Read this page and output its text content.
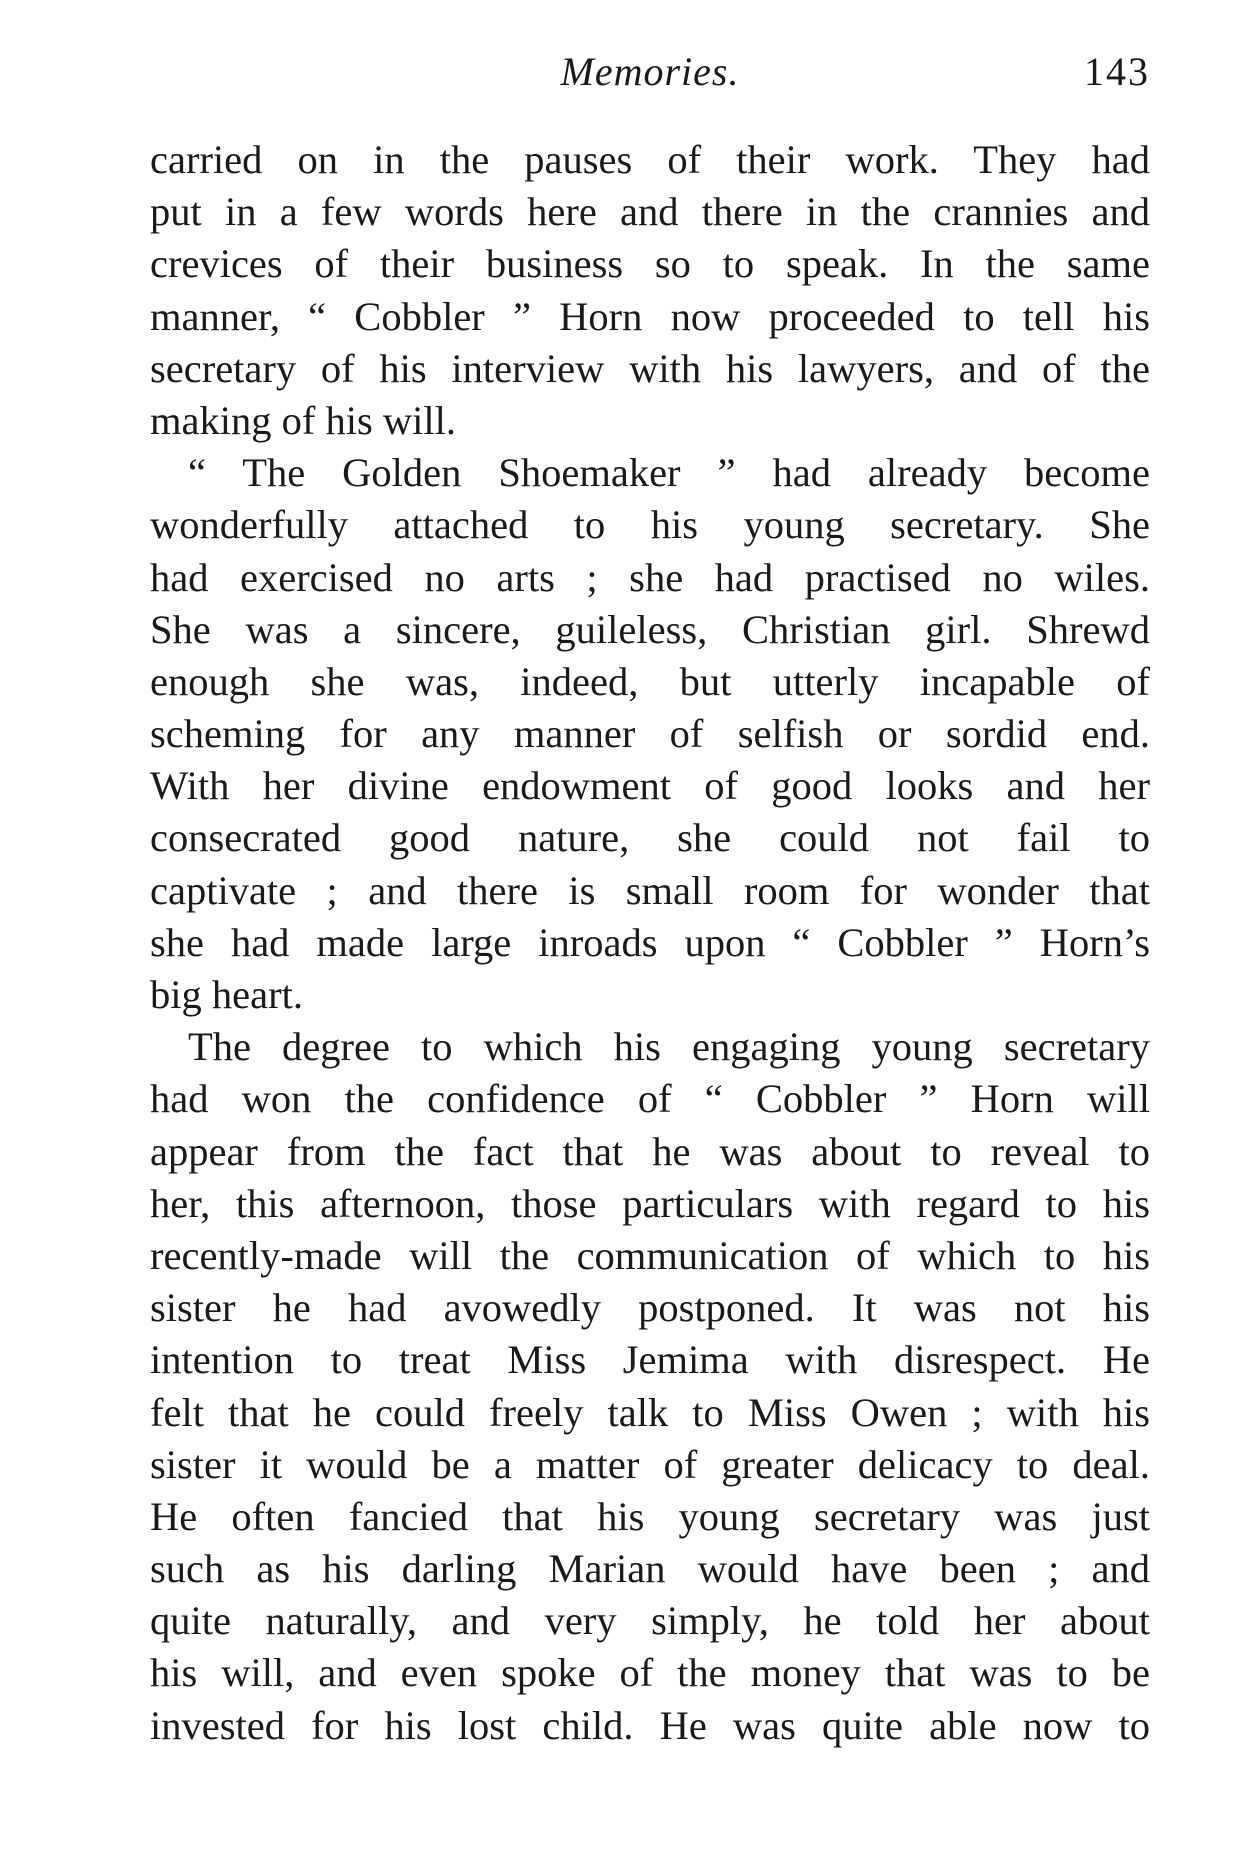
Memories.	143
carried on in the pauses of their work. They had
put in a few words here and there in the crannies and
crevices of their business so to speak. In the same
manner, “ Cobbler ” Horn now proceeded to tell his
secretary of his interview with his lawyers, and of the
making of his will.
“ The Golden Shoemaker ” had already become
wonderfully attached to his young secretary. She
had exercised no arts ; she had practised no wiles.
She was a sincere, guileless, Christian girl. Shrewd
enough she was, indeed, but utterly incapable of
scheming for any manner of selfish or sordid end.
With her divine endowment of good looks and her
consecrated good nature, she could not fail to
captivate ; and there is small room for wonder that
she had made large inroads upon “ Cobbler ” Horn’s
big heart.
The degree to which his engaging young secretary
had won the confidence of “ Cobbler ” Horn will
appear from the fact that he was about to reveal to
her, this afternoon, those particulars with regard to his
recently-made will the communication of which to his
sister he had avowedly postponed. It was not his
intention to treat Miss Jemima with disrespect. He
felt that he could freely talk to Miss Owen ; with his
sister it would be a matter of greater delicacy to deal.
He often fancied that his young secretary was just
such as his darling Marian would have been ; and
quite naturally, and very simply, he told her about
his will, and even spoke of the money that was to be
invested for his lost child. He was quite able now to
